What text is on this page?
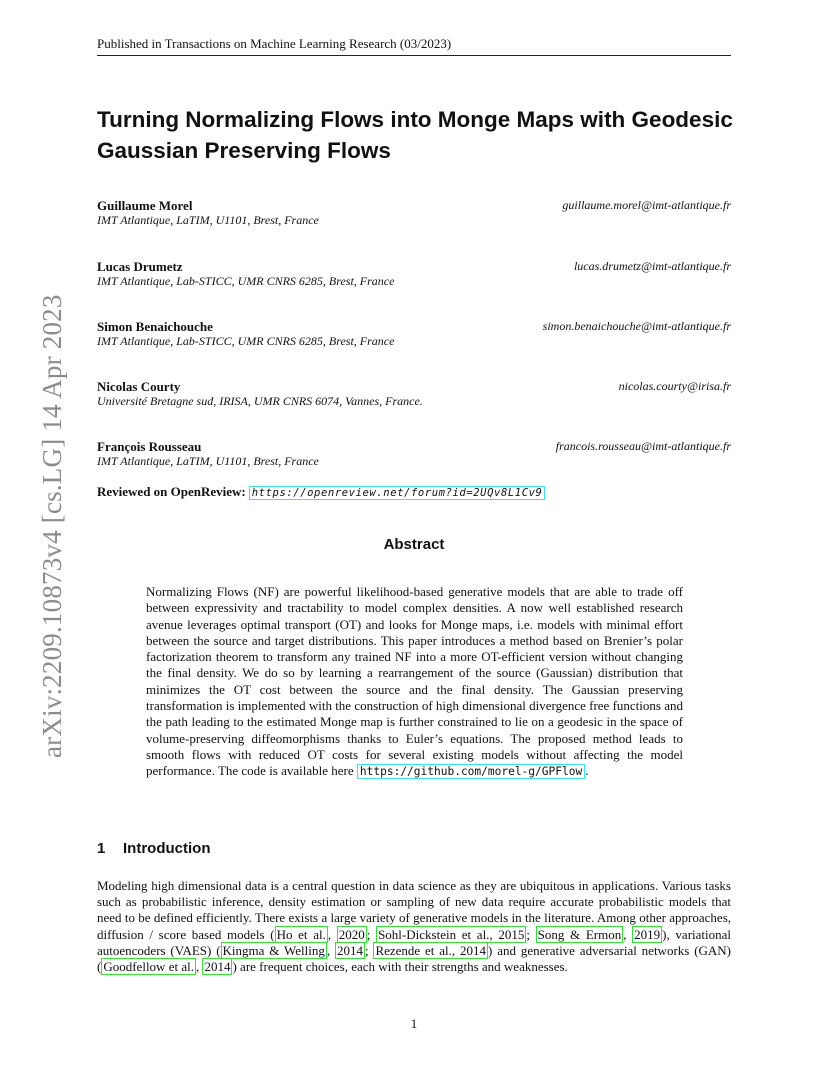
Published in Transactions on Machine Learning Research (03/2023)
Turning Normalizing Flows into Monge Maps with Geodesic Gaussian Preserving Flows
Guillaume Morel	guillaume.morel@imt-atlantique.fr
IMT Atlantique, LaTIM, U1101, Brest, France
Lucas Drumetz	lucas.drumetz@imt-atlantique.fr
IMT Atlantique, Lab-STICC, UMR CNRS 6285, Brest, France
Simon Benaichouche	simon.benaichouche@imt-atlantique.fr
IMT Atlantique, Lab-STICC, UMR CNRS 6285, Brest, France
Nicolas Courty	nicolas.courty@irisa.fr
Université Bretagne sud, IRISA, UMR CNRS 6074, Vannes, France.
François Rousseau	francois.rousseau@imt-atlantique.fr
IMT Atlantique, LaTIM, U1101, Brest, France
Reviewed on OpenReview: https://openreview.net/forum?id=2UQv8L1Cv9
Abstract

Normalizing Flows (NF) are powerful likelihood-based generative models that are able to trade off between expressivity and tractability to model complex densities. A now well established research avenue leverages optimal transport (OT) and looks for Monge maps, i.e. models with minimal effort between the source and target distributions. This paper introduces a method based on Brenier’s polar factorization theorem to transform any trained NF into a more OT-efficient version without changing the final density. We do so by learning a rearrangement of the source (Gaussian) distribution that minimizes the OT cost between the source and the final density. The Gaussian preserving transformation is implemented with the construction of high dimensional divergence free functions and the path leading to the estimated Monge map is further constrained to lie on a geodesic in the space of volume-preserving diffeomorphisms thanks to Euler’s equations. The proposed method leads to smooth flows with reduced OT costs for several existing models without affecting the model performance. The code is available here https://github.com/morel-g/GPFlow .

1 Introduction

Modeling high dimensional data is a central question in data science as they are ubiquitous in applications. Various tasks such as probabilistic inference, density estimation or sampling of new data require accurate probabilistic models that need to be defined efficiently. There exists a large variety of generative models in the literature. Among other approaches, diffusion / score based models ( Ho et al. , 2020 ; Sohl-Dickstein et al., 2015 ; Song & Ermon , 2019 ), variational autoencoders (VAES) ( Kingma & Welling , 2014 ; Rezende et al., 2014 ) and generative adversarial networks (GAN) ( Goodfellow et al. , 2014 ) are frequent choices, each with their strengths and weaknesses.

1
arXiv:2209.10873v4 [cs.LG] 14 Apr 2023
